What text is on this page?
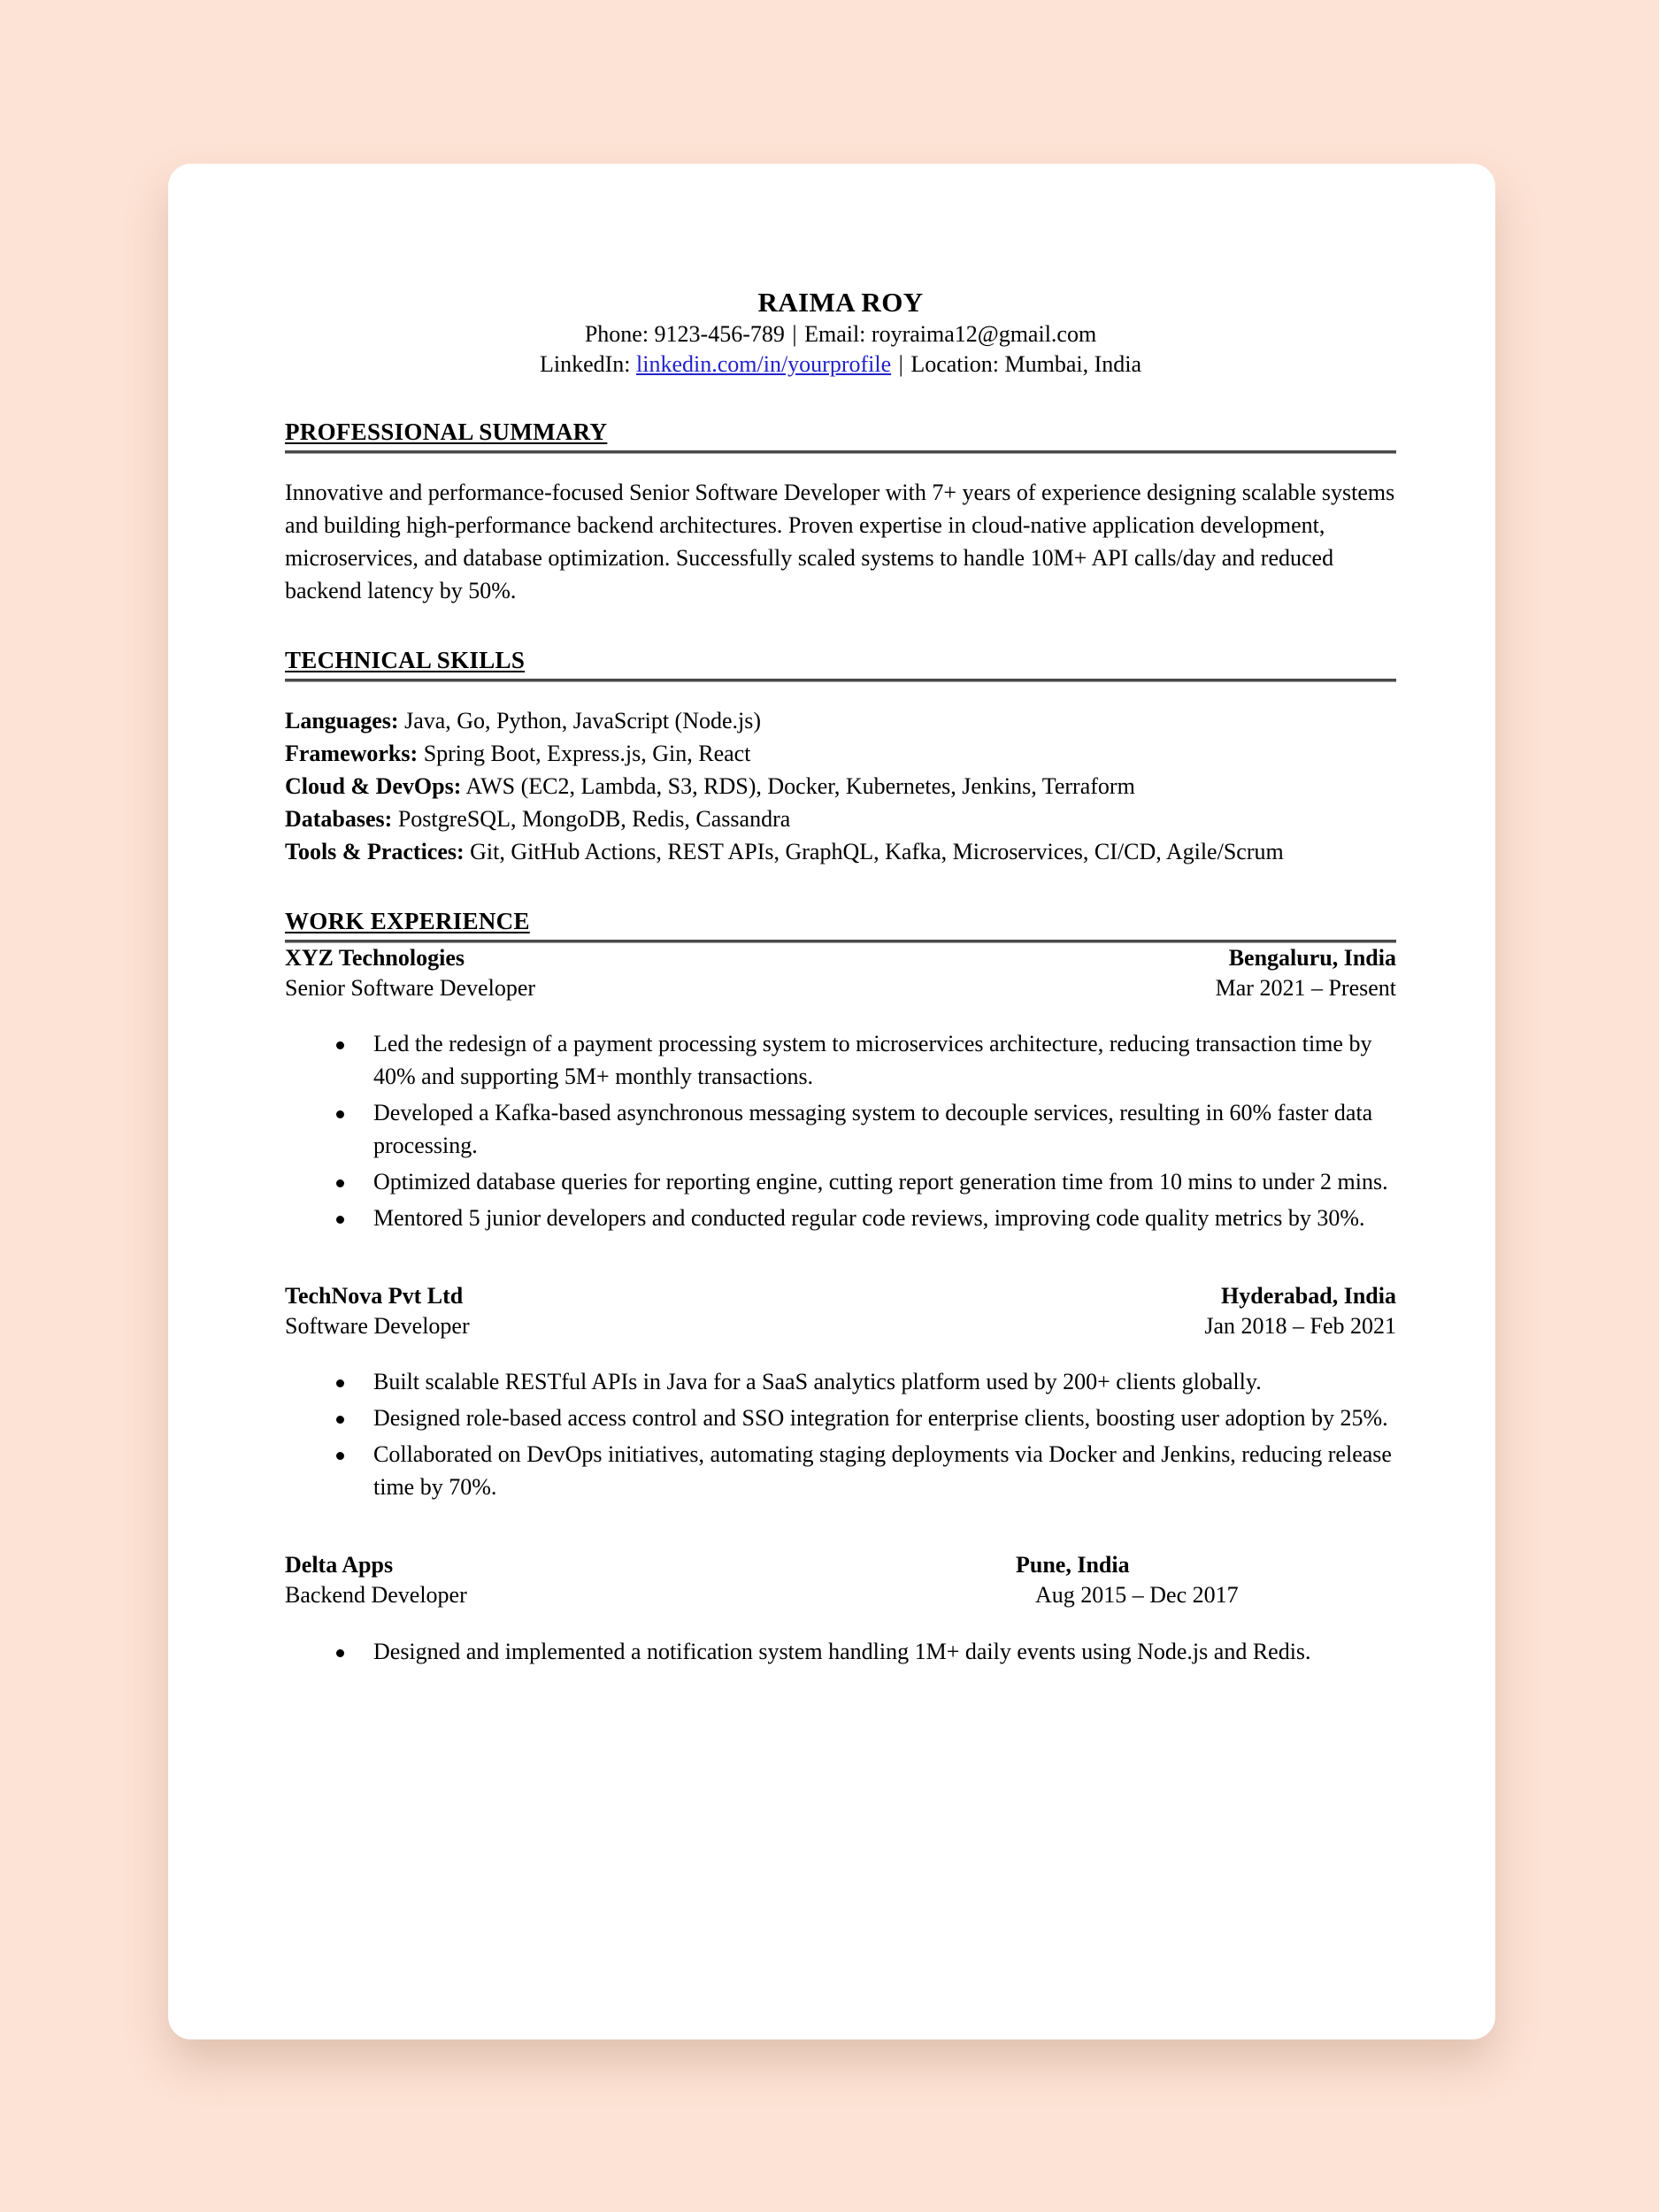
RAIMA ROY
Phone: 9123-456-789 | Email: royraima12@gmail.com
LinkedIn: linkedin.com/in/yourprofile | Location: Mumbai, India
PROFESSIONAL SUMMARY
Innovative and performance-focused Senior Software Developer with 7+ years of experience designing scalable systems and building high-performance backend architectures. Proven expertise in cloud-native application development, microservices, and database optimization. Successfully scaled systems to handle 10M+ API calls/day and reduced backend latency by 50%.
TECHNICAL SKILLS
Languages: Java, Go, Python, JavaScript (Node.js)
Frameworks: Spring Boot, Express.js, Gin, React
Cloud & DevOps: AWS (EC2, Lambda, S3, RDS), Docker, Kubernetes, Jenkins, Terraform
Databases: PostgreSQL, MongoDB, Redis, Cassandra
Tools & Practices: Git, GitHub Actions, REST APIs, GraphQL, Kafka, Microservices, CI/CD, Agile/Scrum
WORK EXPERIENCE
XYZ Technologies	Bengaluru, India
Senior Software Developer	Mar 2021 – Present
Led the redesign of a payment processing system to microservices architecture, reducing transaction time by 40% and supporting 5M+ monthly transactions.
Developed a Kafka-based asynchronous messaging system to decouple services, resulting in 60% faster data processing.
Optimized database queries for reporting engine, cutting report generation time from 10 mins to under 2 mins.
Mentored 5 junior developers and conducted regular code reviews, improving code quality metrics by 30%.
TechNova Pvt Ltd	Hyderabad, India
Software Developer	Jan 2018 – Feb 2021
Built scalable RESTful APIs in Java for a SaaS analytics platform used by 200+ clients globally.
Designed role-based access control and SSO integration for enterprise clients, boosting user adoption by 25%.
Collaborated on DevOps initiatives, automating staging deployments via Docker and Jenkins, reducing release time by 70%.
Delta Apps	Pune, India
Backend Developer	Aug 2015 – Dec 2017
Designed and implemented a notification system handling 1M+ daily events using Node.js and Redis.
